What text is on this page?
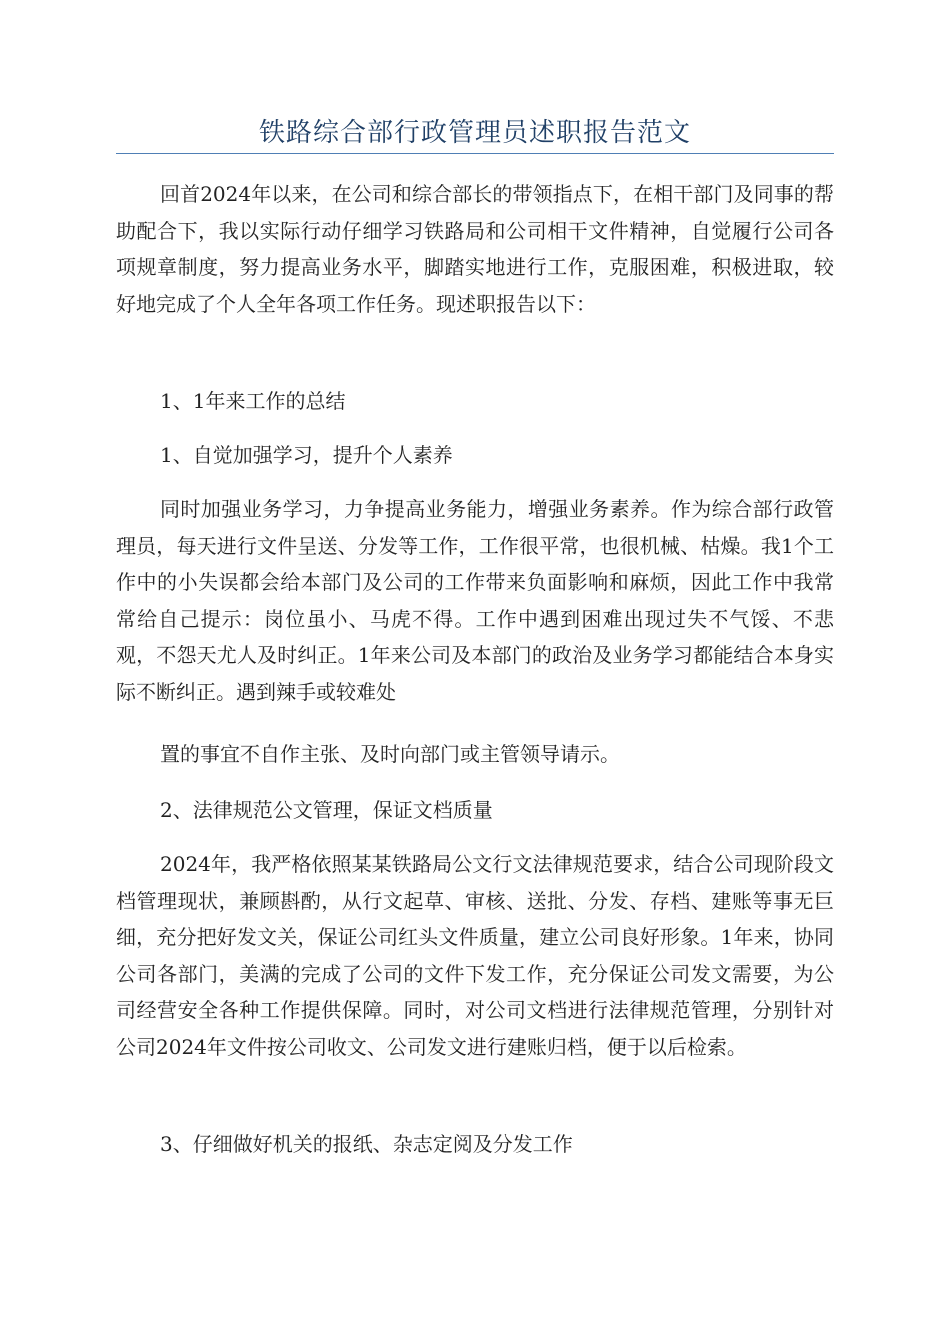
铁路综合部行政管理员述职报告范文
回首2024年以来，在公司和综合部长的带领指点下，在相干部门及同事的帮助配合下，我以实际行动仔细学习铁路局和公司相干文件精神，自觉履行公司各项规章制度，努力提高业务水平，脚踏实地进行工作，克服困难，积极进取，较好地完成了个人全年各项工作任务。现述职报告以下：
1、1年来工作的总结
1、自觉加强学习，提升个人素养
同时加强业务学习，力争提高业务能力，增强业务素养。作为综合部行政管理员，每天进行文件呈送、分发等工作，工作很平常，也很机械、枯燥。我1个工作中的小失误都会给本部门及公司的工作带来负面影响和麻烦，因此工作中我常常给自己提示：岗位虽小、马虎不得。工作中遇到困难出现过失不气馁、不悲观，不怨天尤人及时纠正。1年来公司及本部门的政治及业务学习都能结合本身实际不断纠正。遇到辣手或较难处
置的事宜不自作主张、及时向部门或主管领导请示。
2、法律规范公文管理，保证文档质量
2024年，我严格依照某某铁路局公文行文法律规范要求，结合公司现阶段文档管理现状，兼顾斟酌，从行文起草、审核、送批、分发、存档、建账等事无巨细，充分把好发文关，保证公司红头文件质量，建立公司良好形象。1年来，协同公司各部门，美满的完成了公司的文件下发工作，充分保证公司发文需要，为公司经营安全各种工作提供保障。同时，对公司文档进行法律规范管理，分别针对公司2024年文件按公司收文、公司发文进行建账归档，便于以后检索。
3、仔细做好机关的报纸、杂志定阅及分发工作
